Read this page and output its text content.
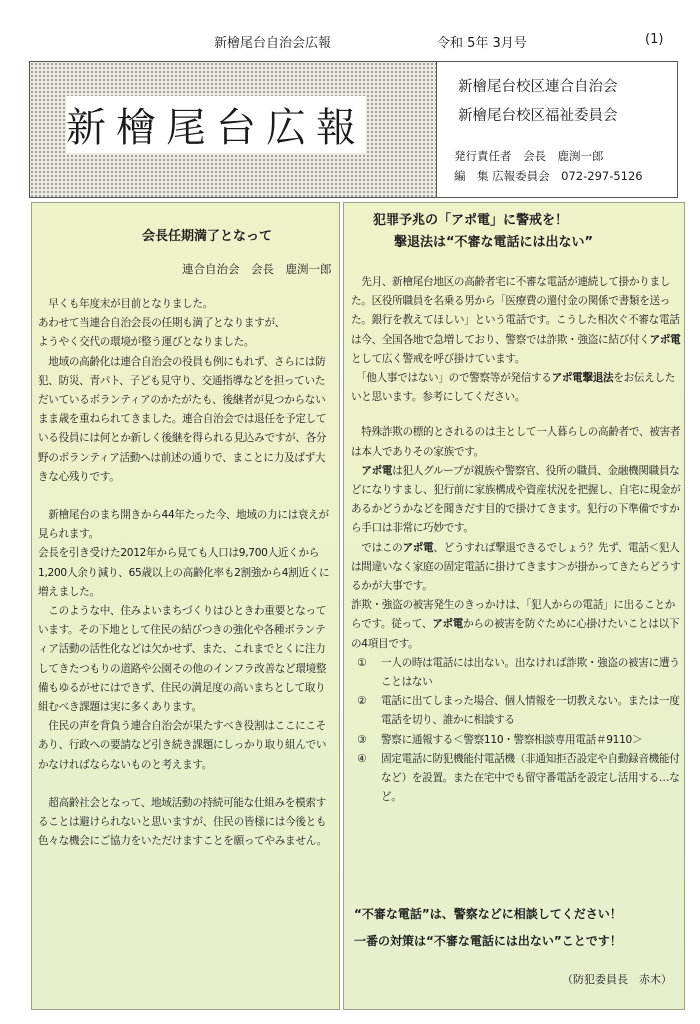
新檜尾台自治会広報	令和 5年 3月号	(1)
新檜尾台広報
新檜尾台校区連合自治会
新檜尾台校区福祉委員会
発行責任者　会長　鹿渕一郎
編　集 広報委員会　072-297-5126
会長任期満了となって
連合自治会　会長　鹿渕一郎

　早くも年度末が目前となりました。

あわせて当連合自治会長の任期も満了となりますが、

ようやく交代の環境が整う運びとなりました。

　地域の高齢化は連合自治会の役員も例にもれず、さらには防犯、防災、青パト、子ども見守り、交通指導などを担っていただいているボランティアのかたがたも、後継者が見つからないまま歳を重ねられてきました。連合自治会では退任を予定している役員には何とか新しく後継を得られる見込みですが、各分野のボランティア活動へは前述の通りで、まことに力及ばず大きな心残りです。

　新檜尾台のまち開きから44年たった今、地域の力には衰えが見られます。

会長を引き受けた2012年から見ても人口は9,700人近くから1,200人余り減り、65歳以上の高齢化率も2割強から4割近くに増えました。

　このような中、住みよいまちづくりはひときわ重要となっています。その下地として住民の結びつきの強化や各種ボランティア活動の活性化などは欠かせず、また、これまでとくに注力してきたつもりの道路や公園その他のインフラ改善など環境整備もゆるがせにはできず、住民の満足度の高いまちとして取り組むべき課題は実に多くあります。

　住民の声を背負う連合自治会が果たすべき役割はここにこそあり、行政への要請など引き続き課題にしっかり取り組んでいかなければならないものと考えます。

　超高齢社会となって、地域活動の持続可能な仕組みを模索することは避けられないと思いますが、住民の皆様には今後とも色々な機会にご協力をいただけますことを願ってやみません。

犯罪予兆の「アポ電」に警戒を！
撃退法は“不審な電話には出ない”

　先月、新檜尾台地区の高齢者宅に不審な電話が連続して掛かりました。区役所職員を名乗る男から「医療費の還付金の関係で書類を送った。銀行を教えてほしい」という電話です。こうした相次ぐ不審な電話は今、全国各地で急増しており、警察では詐欺・強盗に結び付くアポ電として広く警戒を呼び掛けています。

　「他人事ではない」ので警察等が発信するアポ電撃退法をお伝えしたいと思います。参考にしてください。

　特殊詐欺の標的とされるのは主として一人暮らしの高齢者で、被害者は本人でありその家族です。

　アポ電は犯人グループが親族や警察官、役所の職員、金融機関職員などになりすまし、犯行前に家族構成や資産状況を把握し、自宅に現金があるかどうかなどを聞きだす目的で掛けてきます。犯行の下準備ですから手口は非常に巧妙です。

　ではこのアポ電、どうすれば撃退できるでしょう？先ず、電話＜犯人は間違いなく家庭の固定電話に掛けてきます＞が掛かってきたらどうするかが大事です。

詐欺・強盗の被害発生のきっかけは、「犯人からの電話」に出ることからです。従って、アポ電からの被害を防ぐために心掛けたいことは以下の4項目です。

①	一人の時は電話には出ない。出なければ詐欺・強盗の被害に遭うことはない
②	電話に出てしまった場合、個人情報を一切教えない。または一度電話を切り、誰かに相談する
③	警察に通報する＜警察110・警察相談専用電話＃9110＞
④	固定電話に防犯機能付電話機（非通知拒否設定や自動録音機能付など）を設置。また在宅中でも留守番電話を設定し活用する…など。
“不審な電話”は、警察などに相談してください！
一番の対策は“不審な電話には出ない”ことです！
（防犯委員長　赤木）
